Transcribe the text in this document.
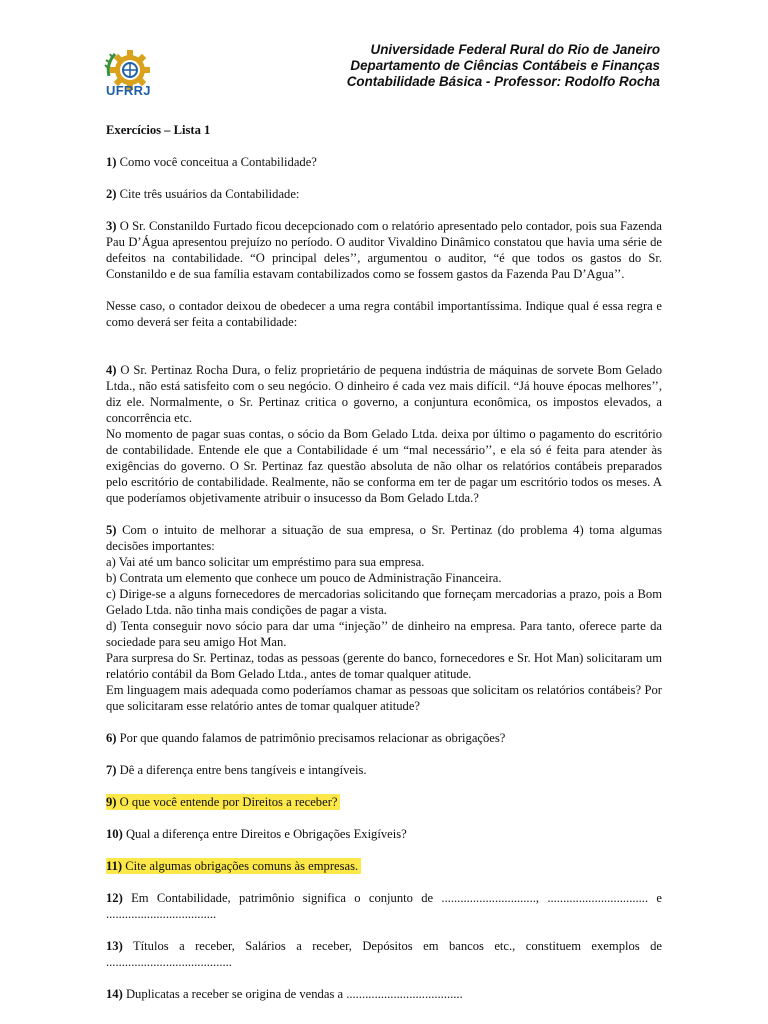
UFRRJ
Universidade Federal Rural do Rio de Janeiro
Departamento de Ciências Contábeis e Finanças
Contabilidade Básica - Professor: Rodolfo Rocha

Exercícios – Lista 1

1) Como você conceitua a Contabilidade?

2) Cite três usuários da Contabilidade:

3) O Sr. Constanildo Furtado ficou decepcionado com o relatório apresentado pelo contador, pois sua Fazenda Pau D’Água apresentou prejuízo no período. O auditor Vivaldino Dinâmico constatou que havia uma série de defeitos na contabilidade. “O principal deles’’, argumentou o auditor, “é que todos os gastos do Sr. Constanildo e de sua família estavam contabilizados como se fossem gastos da Fazenda Pau D’Agua’’.

Nesse caso, o contador deixou de obedecer a uma regra contábil importantíssima. Indique qual é essa regra e como deverá ser feita a contabilidade:

4) O Sr. Pertinaz Rocha Dura, o feliz proprietário de pequena indústria de máquinas de sorvete Bom Gelado Ltda., não está satisfeito com o seu negócio. O dinheiro é cada vez mais difícil. “Já houve épocas melhores’’, diz ele. Normalmente, o Sr. Pertinaz critica o governo, a conjuntura econômica, os impostos elevados, a concorrência etc.

No momento de pagar suas contas, o sócio da Bom Gelado Ltda. deixa por último o pagamento do escritório de contabilidade. Entende ele que a Contabilidade é um “mal necessário’’, e ela só é feita para atender às exigências do governo. O Sr. Pertinaz faz questão absoluta de não olhar os relatórios contábeis preparados pelo escritório de contabilidade. Realmente, não se conforma em ter de pagar um escritório todos os meses. A que poderíamos objetivamente atribuir o insucesso da Bom Gelado Ltda.?

5) Com o intuito de melhorar a situação de sua empresa, o Sr. Pertinaz (do problema 4) toma algumas decisões importantes:

a) Vai até um banco solicitar um empréstimo para sua empresa.

b) Contrata um elemento que conhece um pouco de Administração Financeira.

c) Dirige-se a alguns fornecedores de mercadorias solicitando que forneçam mercadorias a prazo, pois a Bom Gelado Ltda. não tinha mais condições de pagar a vista.

d) Tenta conseguir novo sócio para dar uma “injeção’’ de dinheiro na empresa. Para tanto, oferece parte da sociedade para seu amigo Hot Man.

Para surpresa do Sr. Pertinaz, todas as pessoas (gerente do banco, fornecedores e Sr. Hot Man) solicitaram um relatório contábil da Bom Gelado Ltda., antes de tomar qualquer atitude.

Em linguagem mais adequada como poderíamos chamar as pessoas que solicitam os relatórios contábeis? Por que solicitaram esse relatório antes de tomar qualquer atitude?

6) Por que quando falamos de patrimônio precisamos relacionar as obrigações?

7) Dê a diferença entre bens tangíveis e intangíveis.

9) O que você entende por Direitos a receber?

10) Qual a diferença entre Direitos e Obrigações Exigíveis?

11) Cite algumas obrigações comuns às empresas.

12) Em Contabilidade, patrimônio significa o conjunto de .............................., ................................ e ...................................

13) Títulos a receber, Salários a receber, Depósitos em bancos etc., constituem exemplos de ........................................

14) Duplicatas a receber se origina de vendas a .....................................
